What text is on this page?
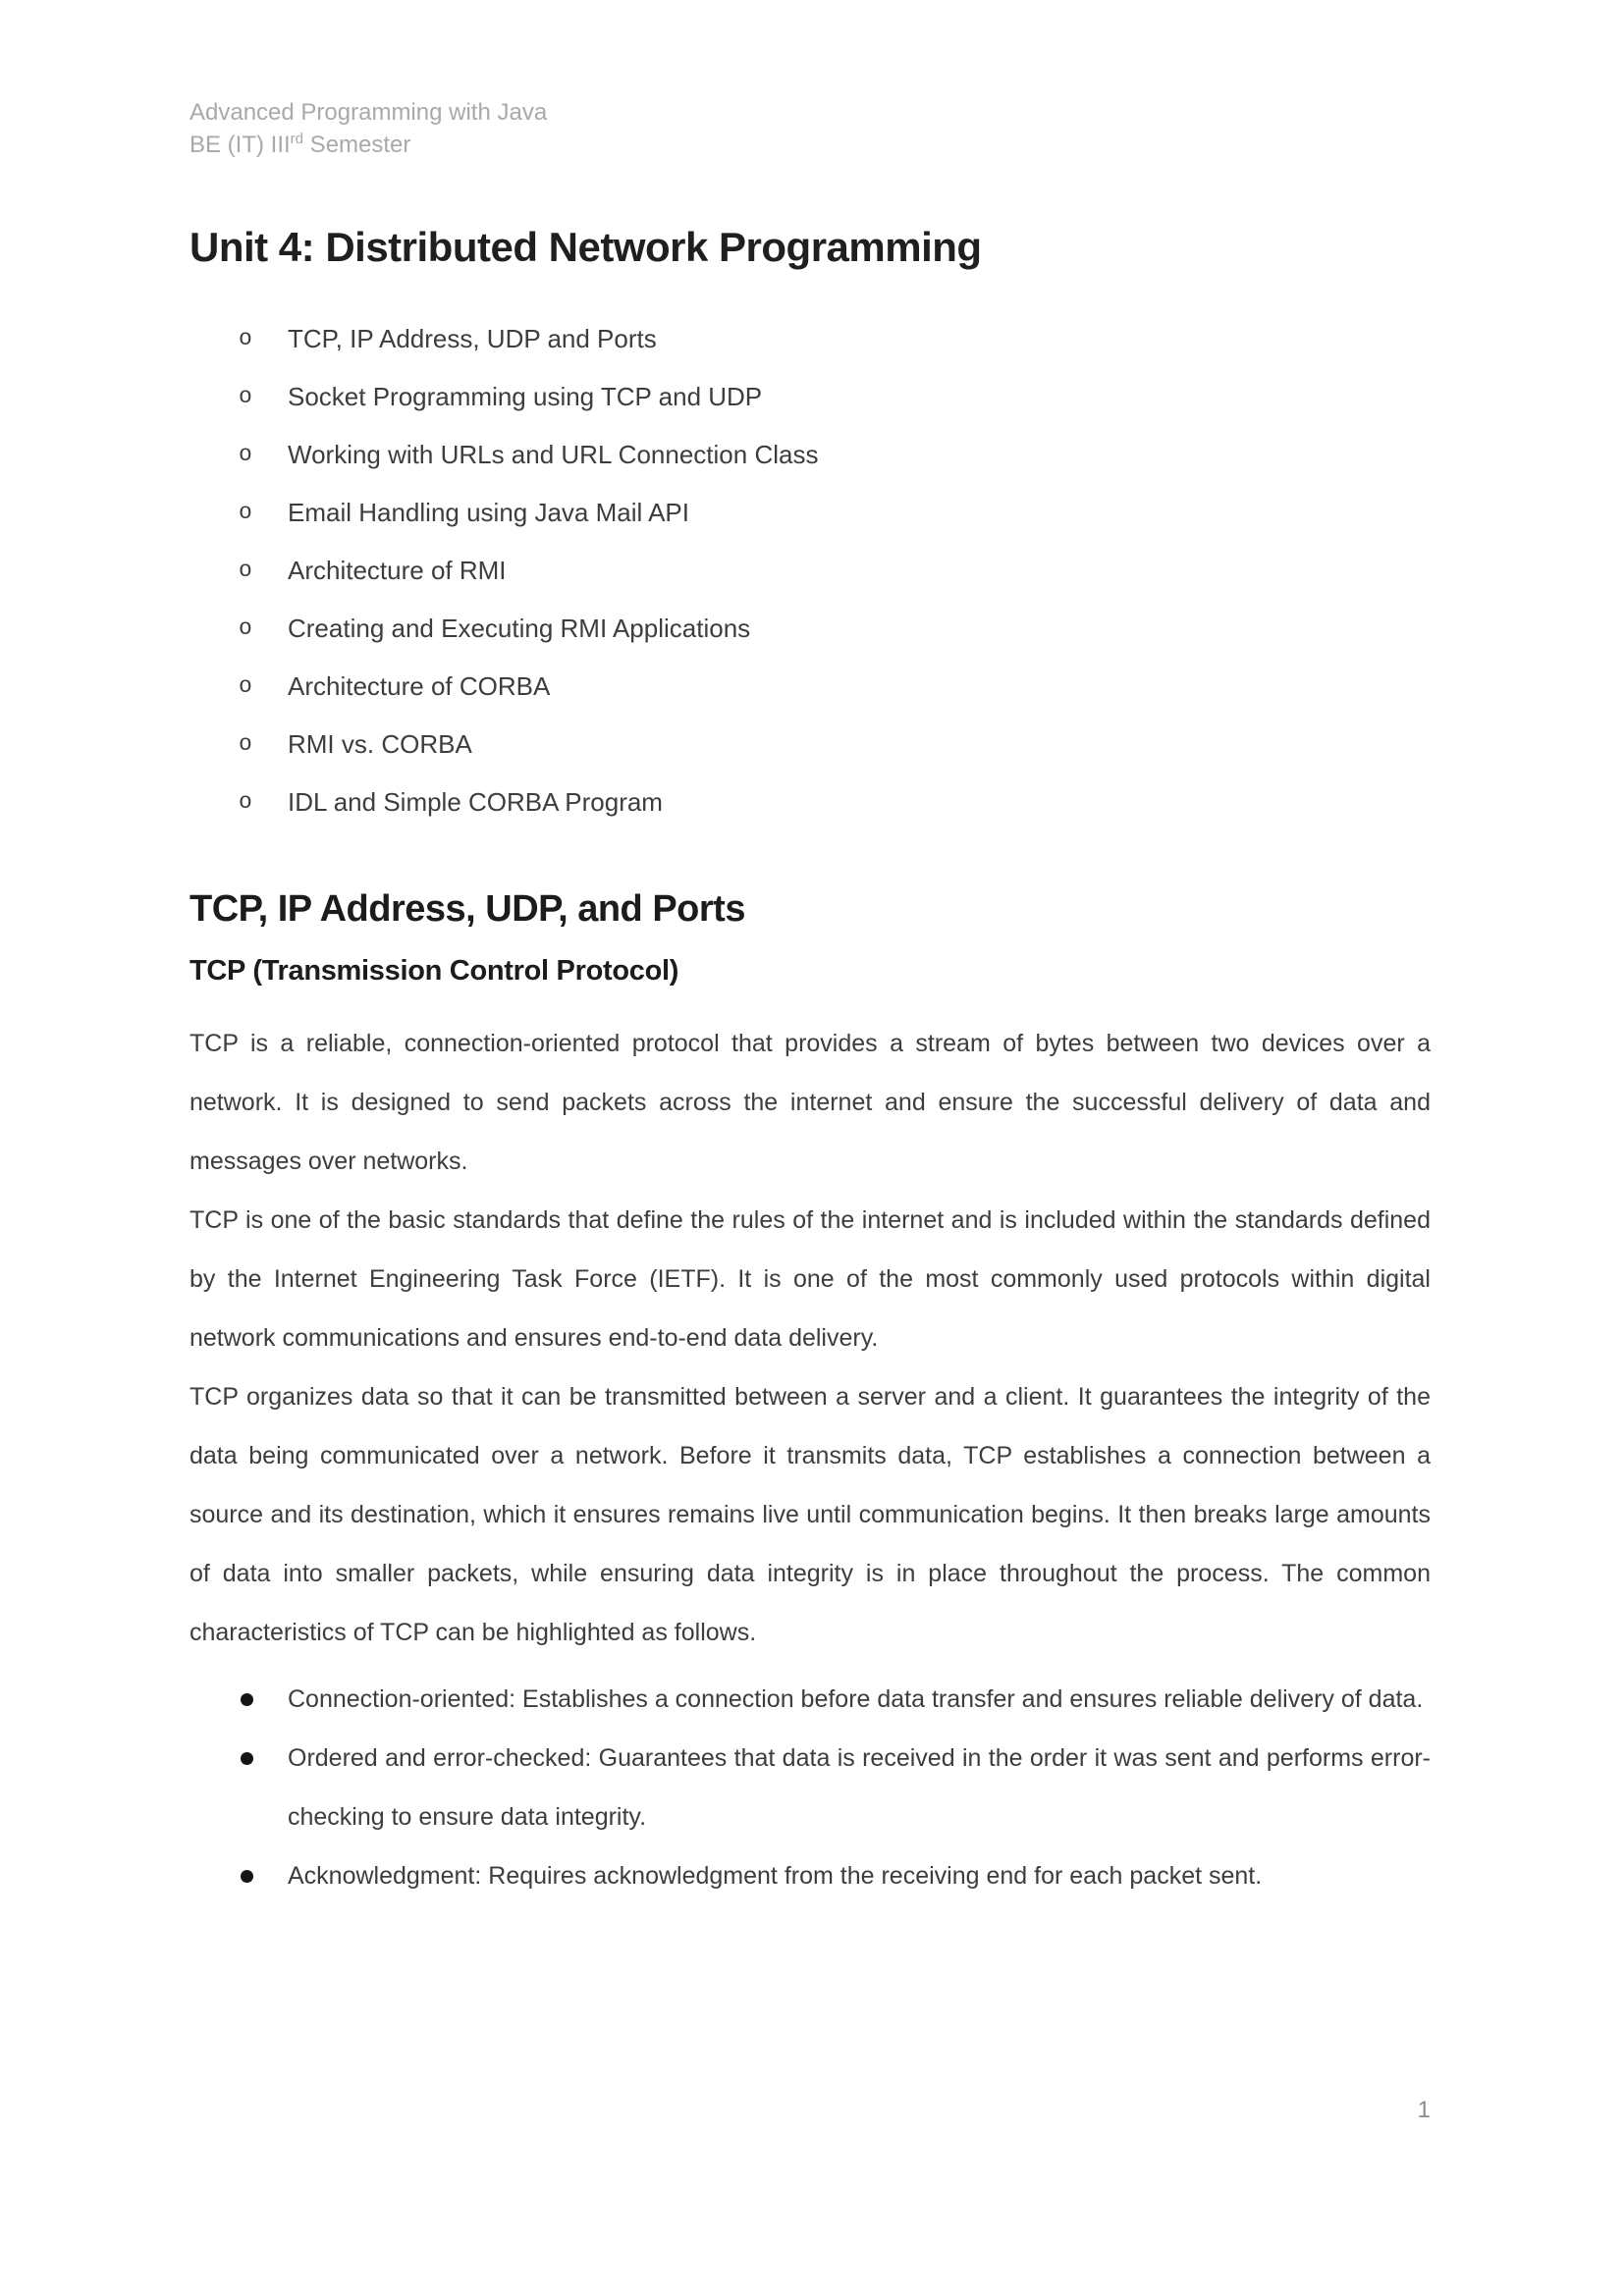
Advanced Programming with Java
BE (IT) IIIrd Semester
Unit 4: Distributed Network Programming
o TCP, IP Address, UDP and Ports
o Socket Programming using TCP and UDP
o Working with URLs and URL Connection Class
o Email Handling using Java Mail API
o Architecture of RMI
o Creating and Executing RMI Applications
o Architecture of CORBA
o RMI vs. CORBA
o IDL and Simple CORBA Program
TCP, IP Address, UDP, and Ports
TCP (Transmission Control Protocol)

TCP is a reliable, connection-oriented protocol that provides a stream of bytes between two devices over a network. It is designed to send packets across the internet and ensure the successful delivery of data and messages over networks.

TCP is one of the basic standards that define the rules of the internet and is included within the standards defined by the Internet Engineering Task Force (IETF). It is one of the most commonly used protocols within digital network communications and ensures end-to-end data delivery.

TCP organizes data so that it can be transmitted between a server and a client. It guarantees the integrity of the data being communicated over a network. Before it transmits data, TCP establishes a connection between a source and its destination, which it ensures remains live until communication begins. It then breaks large amounts of data into smaller packets, while ensuring data integrity is in place throughout the process. The common characteristics of TCP can be highlighted as follows.

Connection-oriented: Establishes a connection before data transfer and ensures reliable delivery of data.
Ordered and error-checked: Guarantees that data is received in the order it was sent and performs error-checking to ensure data integrity.
Acknowledgment: Requires acknowledgment from the receiving end for each packet sent.
1
